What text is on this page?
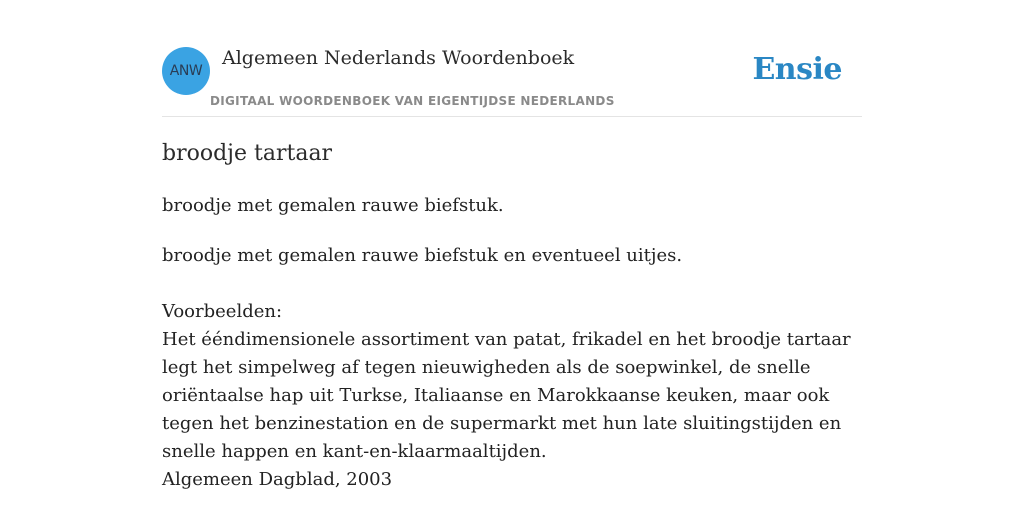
ANW
Algemeen Nederlands Woordenboek
DIGITAAL WOORDENBOEK VAN EIGENTIJDSE NEDERLANDS
Ensie
broodje tartaar
broodje met gemalen rauwe biefstuk.

broodje met gemalen rauwe biefstuk en eventueel uitjes.

Voorbeelden:

Het ééndimensionele assortiment van patat, frikadel en het broodje tartaar legt het simpelweg af tegen nieuwigheden als de soepwinkel, de snelle oriëntaalse hap uit Turkse, Italiaanse en Marokkaanse keuken, maar ook tegen het benzinestation en de supermarkt met hun late sluitingstijden en snelle happen en kant-en-klaarmaaltijden.

Algemeen Dagblad, 2003
